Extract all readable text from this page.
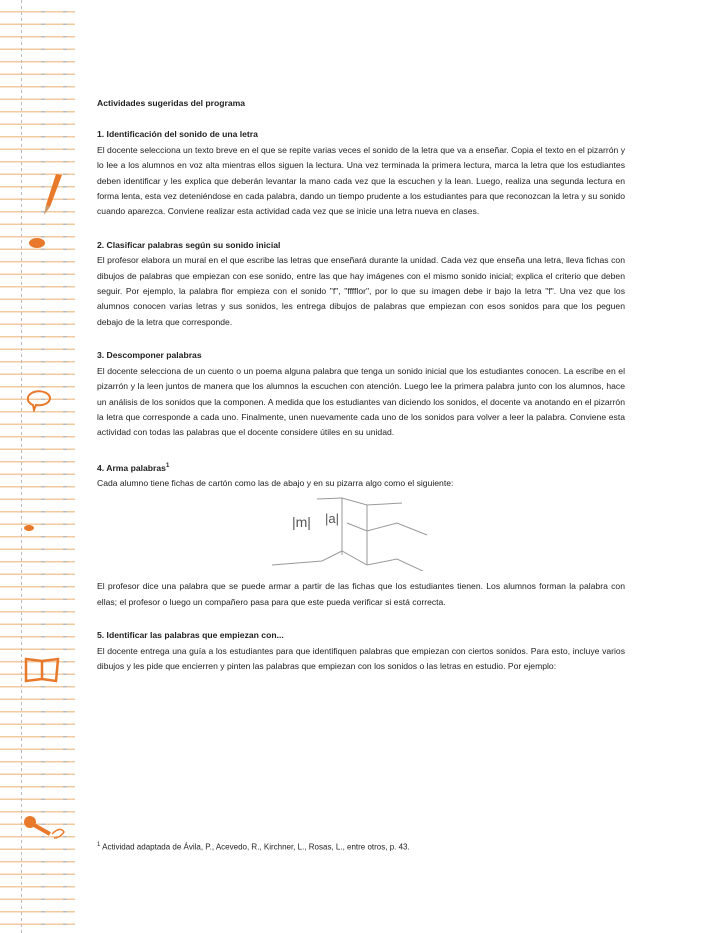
Actividades sugeridas del programa
1. Identificación del sonido de una letra

El docente selecciona un texto breve en el que se repite varias veces el sonido de la letra que va a enseñar. Copia el texto en el pizarrón y lo lee a los alumnos en voz alta mientras ellos siguen la lectura. Una vez terminada la primera lectura, marca la letra que los estudiantes deben identificar y les explica que deberán levantar la mano cada vez que la escuchen y la lean. Luego, realiza una segunda lectura en forma lenta, esta vez deteniéndose en cada palabra, dando un tiempo prudente a los estudiantes para que reconozcan la letra y su sonido cuando aparezca. Conviene realizar esta actividad cada vez que se inicie una letra nueva en clases.

2. Clasificar palabras según su sonido inicial

El profesor elabora un mural en el que escribe las letras que enseñará durante la unidad. Cada vez que enseña una letra, lleva fichas con dibujos de palabras que empiezan con ese sonido, entre las que hay imágenes con el mismo sonido inicial; explica el criterio que deben seguir. Por ejemplo, la palabra flor empieza con el sonido "f", "fffflor", por lo que su imagen debe ir bajo la letra "f". Una vez que los alumnos conocen varias letras y sus sonidos, les entrega dibujos de palabras que empiezan con esos sonidos para que los peguen debajo de la letra que corresponde.

3. Descomponer palabras

El docente selecciona de un cuento o un poema alguna palabra que tenga un sonido inicial que los estudiantes conocen. La escribe en el pizarrón y la leen juntos de manera que los alumnos la escuchen con atención. Luego lee la primera palabra junto con los alumnos, hace un análisis de los sonidos que la componen. A medida que los estudiantes van diciendo los sonidos, el docente va anotando en el pizarrón la letra que corresponde a cada uno. Finalmente, unen nuevamente cada uno de los sonidos para volver a leer la palabra. Conviene esta actividad con todas las palabras que el docente considere útiles en su unidad.

4. Arma palabras$^1$
Cada alumno tiene fichas de cartón como las de abajo y en su pizarra algo como el siguiente:
|m| |a|

El profesor dice una palabra que se puede armar a partir de las fichas que los estudiantes tienen. Los alumnos forman la palabra con ellas; el profesor o luego un compañero pasa para que este pueda verificar si está correcta.

5. Identificar las palabras que empiezan con...

El docente entrega una guía a los estudiantes para que identifiquen palabras que empiezan con ciertos sonidos. Para esto, incluye varios dibujos y les pide que encierren y pinten las palabras que empiezan con los sonidos o las letras en estudio. Por ejemplo:

$^1$ Actividad adaptada de Ávila, P., Acevedo, R., Kirchner, L., Rosas, L., entre otros, p. 43.
